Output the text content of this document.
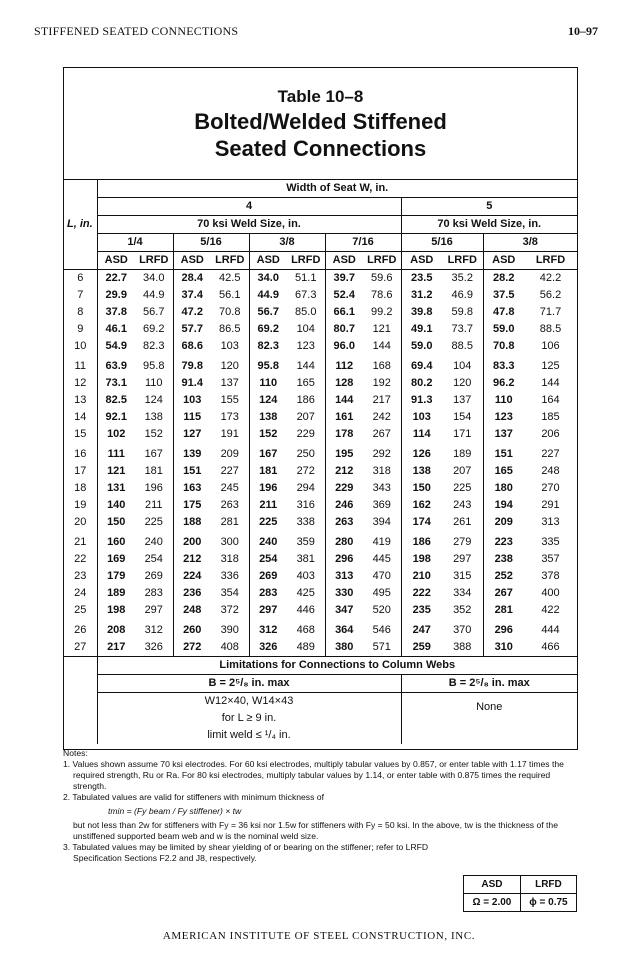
STIFFENED SEATED CONNECTIONS	10–97
Table 10–8
Bolted/Welded Stiffened
Seated Connections
	Width of Seat W, in.											
	4								5			
L, in.	70 ksi Weld Size, in.								70 ksi Weld Size, in.			
	1/4		5/16		3/8		7/16		5/16		3/8	
	ASD	LRFD	ASD	LRFD	ASD	LRFD	ASD	LRFD	ASD	LRFD	ASD	LRFD
6	22.7	34.0	28.4	42.5	34.0	51.1	39.7	59.6	23.5	35.2	28.2	42.2
7	29.9	44.9	37.4	56.1	44.9	67.3	52.4	78.6	31.2	46.9	37.5	56.2
8	37.8	56.7	47.2	70.8	56.7	85.0	66.1	99.2	39.8	59.8	47.8	71.7
9	46.1	69.2	57.7	86.5	69.2	104	80.7	121	49.1	73.7	59.0	88.5
10	54.9	82.3	68.6	103	82.3	123	96.0	144	59.0	88.5	70.8	106
11	63.9	95.8	79.8	120	95.8	144	112	168	69.4	104	83.3	125
12	73.1	110	91.4	137	110	165	128	192	80.2	120	96.2	144
13	82.5	124	103	155	124	186	144	217	91.3	137	110	164
14	92.1	138	115	173	138	207	161	242	103	154	123	185
15	102	152	127	191	152	229	178	267	114	171	137	206
16	111	167	139	209	167	250	195	292	126	189	151	227
17	121	181	151	227	181	272	212	318	138	207	165	248
18	131	196	163	245	196	294	229	343	150	225	180	270
19	140	211	175	263	211	316	246	369	162	243	194	291
20	150	225	188	281	225	338	263	394	174	261	209	313
21	160	240	200	300	240	359	280	419	186	279	223	335
22	169	254	212	318	254	381	296	445	198	297	238	357
23	179	269	224	336	269	403	313	470	210	315	252	378
24	189	283	236	354	283	425	330	495	222	334	267	400
25	198	297	248	372	297	446	347	520	235	352	281	422
26	208	312	260	390	312	468	364	546	247	370	296	444
27	217	326	272	408	326	489	380	571	259	388	310	466
	Limitations for Connections to Column Webs											
	B = 2⁵/₈ in. max								B = 2⁵/₈ in. max			
	W12×40, W14×43								None			
	for L ≥ 9 in.											
	limit weld ≤ ¹/₄ in.											

Notes:

1. Values shown assume 70 ksi electrodes. For 60 ksi electrodes, multiply tabular values by 0.857, or enter table with 1.17 times the required strength, Ru or Ra. For 80 ksi electrodes, multiply tabular values by 1.14, or enter table with 0.875 times the required strength.

2. Tabulated values are valid for stiffeners with minimum thickness of

tmin = (Fy beam / Fy stiffener) × tw

but not less than 2w for stiffeners with Fy = 36 ksi nor 1.5w for stiffeners with Fy = 50 ksi. In the above, tw is the thickness of the unstiffened supported beam web and w is the nominal weld size.

3. Tabulated values may be limited by shear yielding of or bearing on the stiffener; refer to LRFD Specification Sections F2.2 and J8, respectively.

ASD	LRFD
Ω = 2.00	ϕ = 0.75
AMERICAN INSTITUTE OF STEEL CONSTRUCTION, INC.
